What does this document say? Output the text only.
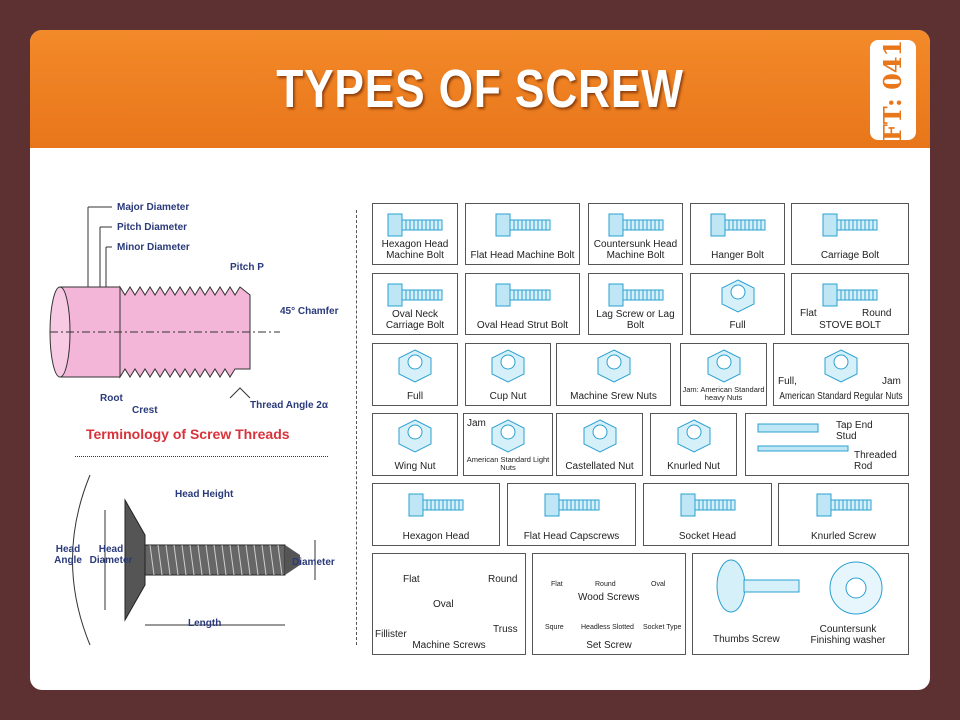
TYPES OF SCREW	FT: 041
Major Diameter
Pitch Diameter
Minor Diameter
Pitch P
45° Chamfer
Root
Crest	Thread Angle 2α
Terminology of Screw Threads
Head Height
Head Angle
Head Diameter	Diameter
Length
Hexagon Head Machine Bolt	Flat Head Machine Bolt
Countersunk Head Machine Bolt	Hanger Bolt	Carriage Bolt
Oval Neck Carriage Bolt	Oval Head Strut Bolt
Lag Screw or Lag Bolt	Full	STOVE BOLT
Flat	Round
Full	Cup Nut	Machine Srew Nuts
Jam: American Standard heavy Nuts	American Standard Regular Nuts
Full,	Jam
Wing Nut
American Standard Light Nuts
Jam
Castellated Nut	Knurled Nut
Tap End Stud
Threaded Rod
Hexagon Head	Flat Head Capscrews	Socket Head	Knurled Screw
Machine Screws
Flat	Round
Oval
Fillister	Truss
Set Screw
Flat	Round	Oval
Wood Screws
Squre Headless Slotted Socket Type
Thumbs Screw
Countersunk Finishing washer
